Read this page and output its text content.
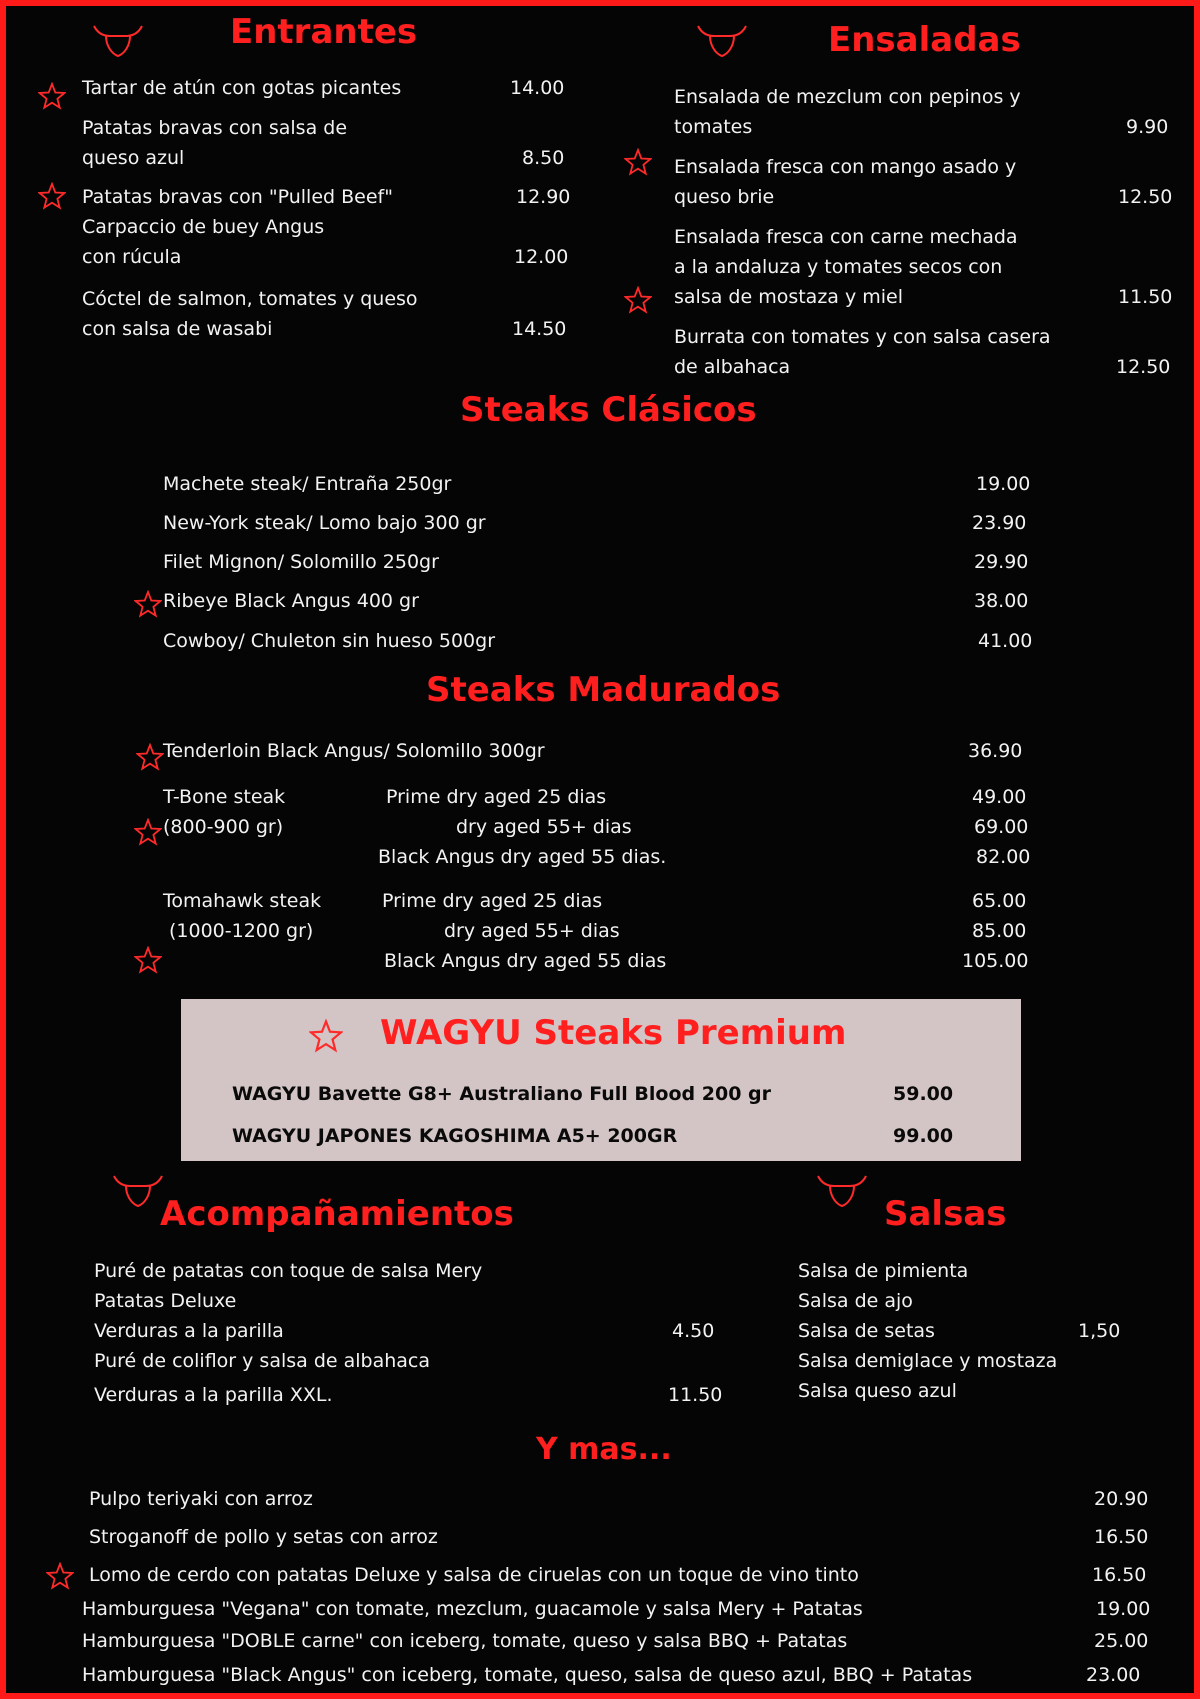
Entrantes
Tartar de atún con gotas picantes	14.00
Patatas bravas con salsa de
queso azul	8.50
Patatas bravas con "Pulled Beef"	12.90
Carpaccio de buey Angus
con rúcula	12.00
Cóctel de salmon, tomates y queso
con salsa de wasabi	14.50
Ensaladas
Ensalada de mezclum con pepinos y
tomates	9.90
Ensalada fresca con mango asado y
queso brie	12.50
Ensalada fresca con carne mechada
a la andaluza y tomates secos con
salsa de mostaza y miel	11.50
Burrata con tomates y con salsa casera
de albahaca	12.50
Steaks Clásicos
Machete steak/ Entraña 250gr	19.00
New-York steak/ Lomo bajo 300 gr	23.90
Filet Mignon/ Solomillo 250gr	29.90
Ribeye Black Angus 400 gr	38.00
Cowboy/ Chuleton sin hueso 500gr	41.00
Steaks Madurados
Tenderloin Black Angus/ Solomillo 300gr	36.90
T-Bone steak
(800-900 gr)
Prime dry aged 25 dias	49.00
dry aged 55+ dias	69.00
Black Angus dry aged 55 dias.	82.00
Tomahawk steak
(1000-1200 gr)
Prime dry aged 25 dias	65.00
dry aged 55+ dias	85.00
Black Angus dry aged 55 dias	105.00
WAGYU Steaks Premium
WAGYU Bavette G8+ Australiano Full Blood 200 gr	59.00
WAGYU JAPONES KAGOSHIMA A5+ 200GR	99.00
Acompañamientos
Puré de patatas con toque de salsa Mery
Patatas Deluxe
Verduras a la parilla	4.50
Puré de coliflor y salsa de albahaca
Verduras a la parilla XXL.	11.50
Salsas
Salsa de pimienta
Salsa de ajo
Salsa de setas	1,50
Salsa demiglace y mostaza
Salsa queso azul
Y mas...
Pulpo teriyaki con arroz	20.90
Stroganoff de pollo y setas con arroz	16.50
Lomo de cerdo con patatas Deluxe y salsa de ciruelas con un toque de vino tinto	16.50
Hamburguesa "Vegana" con tomate, mezclum, guacamole y salsa Mery + Patatas	19.00
Hamburguesa "DOBLE carne" con iceberg, tomate, queso y salsa BBQ + Patatas	25.00
Hamburguesa "Black Angus" con iceberg, tomate, queso, salsa de queso azul, BBQ + Patatas	23.00
